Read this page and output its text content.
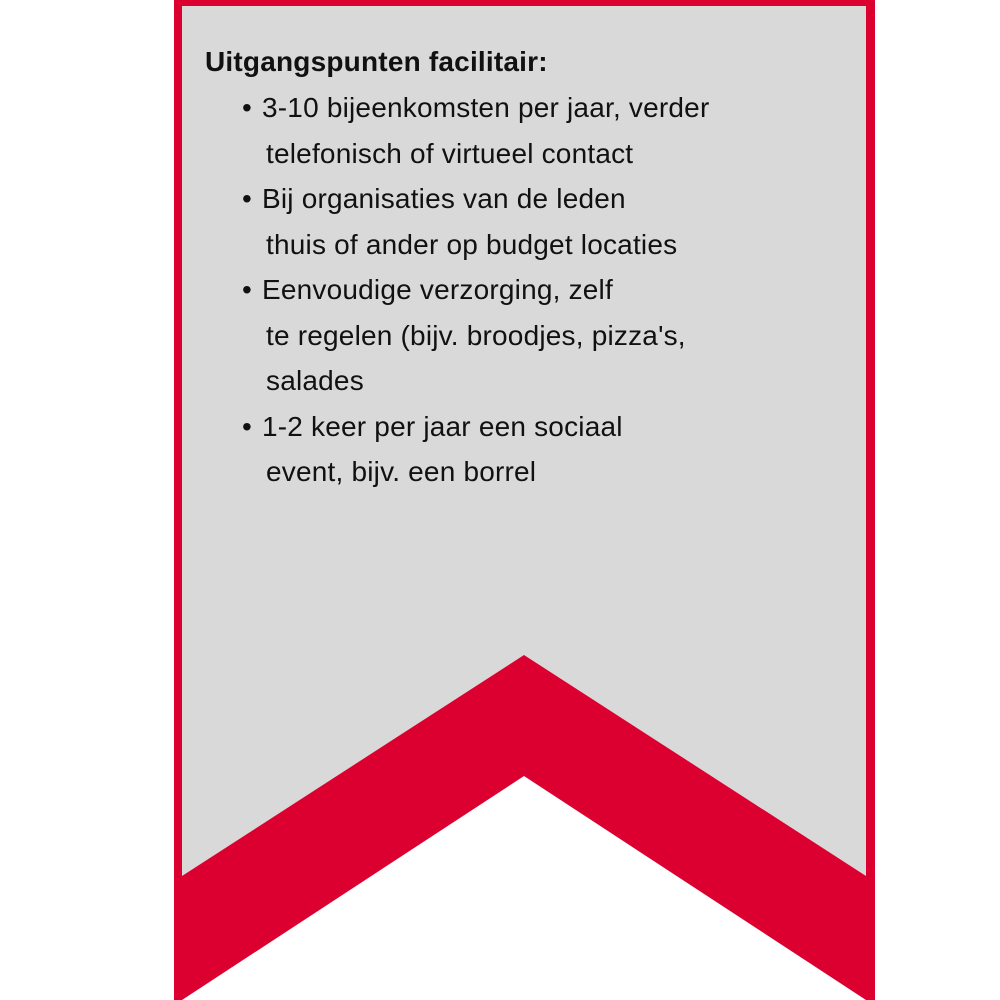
Uitgangspunten facilitair:
• 3-10 bijeenkomsten per jaar, verder
telefonisch of virtueel contact
• Bij organisaties van de leden
thuis of ander op budget locaties
• Eenvoudige verzorging, zelf
te regelen (bijv. broodjes, pizza's,
salades
• 1-2 keer per jaar een sociaal
event, bijv. een borrel
